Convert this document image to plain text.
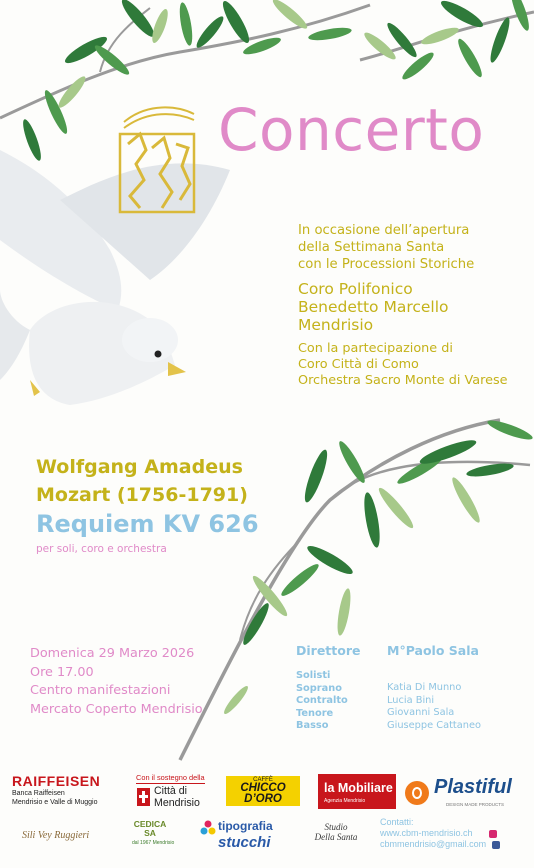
Concerto
In occasione dell’apertura
della Settimana Santa
con le Processioni Storiche
Coro Polifonico
Benedetto Marcello
Mendrisio
Con la partecipazione di
Coro Città di Como
Orchestra Sacro Monte di Varese
Wolfgang Amadeus
Mozart (1756-1791)
Requiem KV 626
per soli, coro e orchestra
Domenica 29 Marzo 2026
Ore 17.00
Centro manifestazioni
Mercato Coperto Mendrisio
Direttore M°Paolo Sala
Solisti
Soprano
Contralto
Tenore
Basso
Katia Di Munno
Lucia Bini
Giovanni Sala
Giuseppe Cattaneo
RAIFFEISEN
Banca Raiffeisen
Mendrisio e Valle di Muggio
Con il sostegno della
Città di
Mendrisio
CAFFÈ
CHICCO
D’ORO
la Mobiliare
Agenzia Mendrisio
Plastiful
DESIGN MADE PRODUCTS
Sili Vey Ruggieri
CEDICA
SA
dal 1967 Mendrisio
tipografia
stucchi
Studio
Della Santa
Contatti:
www.cbm-mendrisio.ch
cbmmendrisio@gmail.com
